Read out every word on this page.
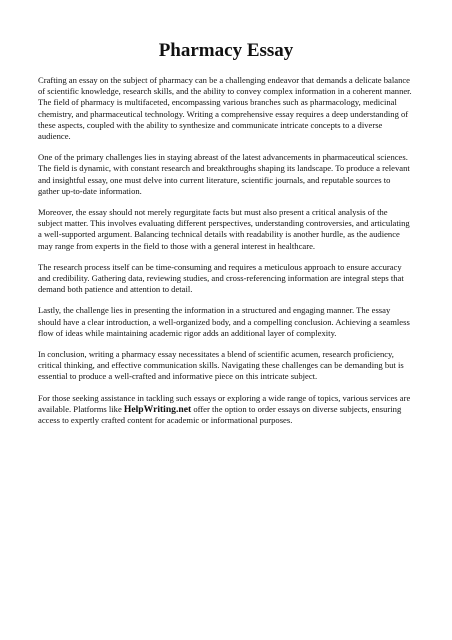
Pharmacy Essay

Crafting an essay on the subject of pharmacy can be a challenging endeavor that demands a delicate balance of scientific knowledge, research skills, and the ability to convey complex information in a coherent manner. The field of pharmacy is multifaceted, encompassing various branches such as pharmacology, medicinal chemistry, and pharmaceutical technology. Writing a comprehensive essay requires a deep understanding of these aspects, coupled with the ability to synthesize and communicate intricate concepts to a diverse audience.

One of the primary challenges lies in staying abreast of the latest advancements in pharmaceutical sciences. The field is dynamic, with constant research and breakthroughs shaping its landscape. To produce a relevant and insightful essay, one must delve into current literature, scientific journals, and reputable sources to gather up-to-date information.

Moreover, the essay should not merely regurgitate facts but must also present a critical analysis of the subject matter. This involves evaluating different perspectives, understanding controversies, and articulating a well-supported argument. Balancing technical details with readability is another hurdle, as the audience may range from experts in the field to those with a general interest in healthcare.

The research process itself can be time-consuming and requires a meticulous approach to ensure accuracy and credibility. Gathering data, reviewing studies, and cross-referencing information are integral steps that demand both patience and attention to detail.

Lastly, the challenge lies in presenting the information in a structured and engaging manner. The essay should have a clear introduction, a well-organized body, and a compelling conclusion. Achieving a seamless flow of ideas while maintaining academic rigor adds an additional layer of complexity.

In conclusion, writing a pharmacy essay necessitates a blend of scientific acumen, research proficiency, critical thinking, and effective communication skills. Navigating these challenges can be demanding but is essential to produce a well-crafted and informative piece on this intricate subject.

For those seeking assistance in tackling such essays or exploring a wide range of topics, various services are available. Platforms like HelpWriting.net offer the option to order essays on diverse subjects, ensuring access to expertly crafted content for academic or informational purposes.
